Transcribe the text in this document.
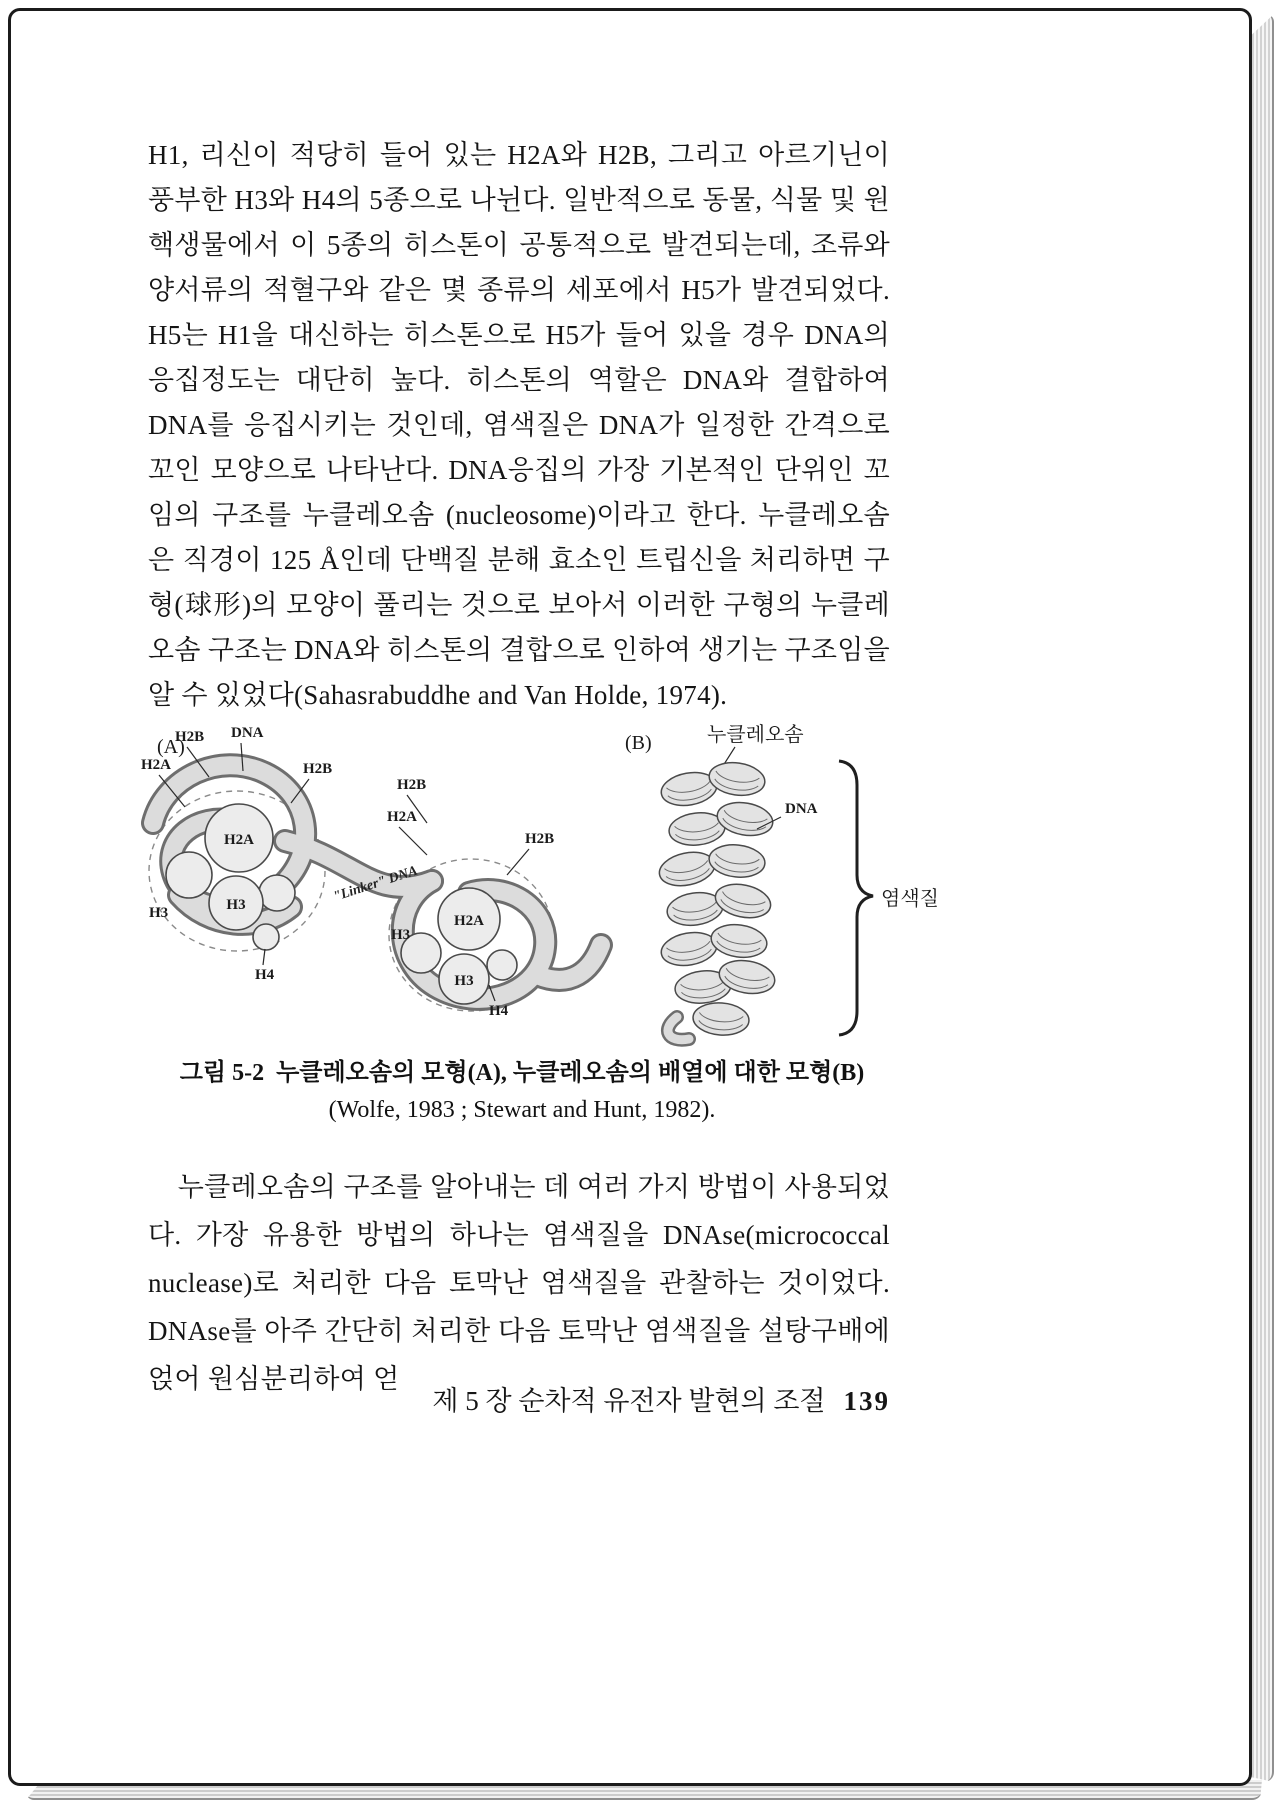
H1, 리신이 적당히 들어 있는 H2A와 H2B, 그리고 아르기닌이 풍부한 H3와 H4의 5종으로 나뉜다. 일반적으로 동물, 식물 및 원핵생물에서 이 5종의 히스톤이 공통적으로 발견되는데, 조류와 양서류의 적혈구와 같은 몇 종류의 세포에서 H5가 발견되었다. H5는 H1을 대신하는 히스톤으로 H5가 들어 있을 경우 DNA의 응집정도는 대단히 높다. 히스톤의 역할은 DNA와 결합하여 DNA를 응집시키는 것인데, 염색질은 DNA가 일정한 간격으로 꼬인 모양으로 나타난다. DNA응집의 가장 기본적인 단위인 꼬임의 구조를 누클레오솜 (nucleosome)이라고 한다. 누클레오솜은 직경이 125 Å인데 단백질 분해 효소인 트립신을 처리하면 구형(球形)의 모양이 풀리는 것으로 보아서 이러한 구형의 누클레오솜 구조는 DNA와 히스톤의 결합으로 인하여 생기는 구조임을 알 수 있었다(Sahasrabuddhe and Van Holde, 1974).
(A)
H2A
H3
H2B DNA
H2A	H2B
H3
H4
"Linker" DNA
H2A
H3
H2B
H2A
H2B
H3
H4
(B)	누클레오솜
DNA
염색질
그림 5-2 누클레오솜의 모형(A), 누클레오솜의 배열에 대한 모형(B)
(Wolfe, 1983 ; Stewart and Hunt, 1982).
누클레오솜의 구조를 알아내는 데 여러 가지 방법이 사용되었다. 가장 유용한 방법의 하나는 염색질을 DNAse(micrococcal nuclease)로 처리한 다음 토막난 염색질을 관찰하는 것이었다. DNAse를 아주 간단히 처리한 다음 토막난 염색질을 설탕구배에 얹어 원심분리하여 얻
제 5 장 순차적 유전자 발현의 조절 139
